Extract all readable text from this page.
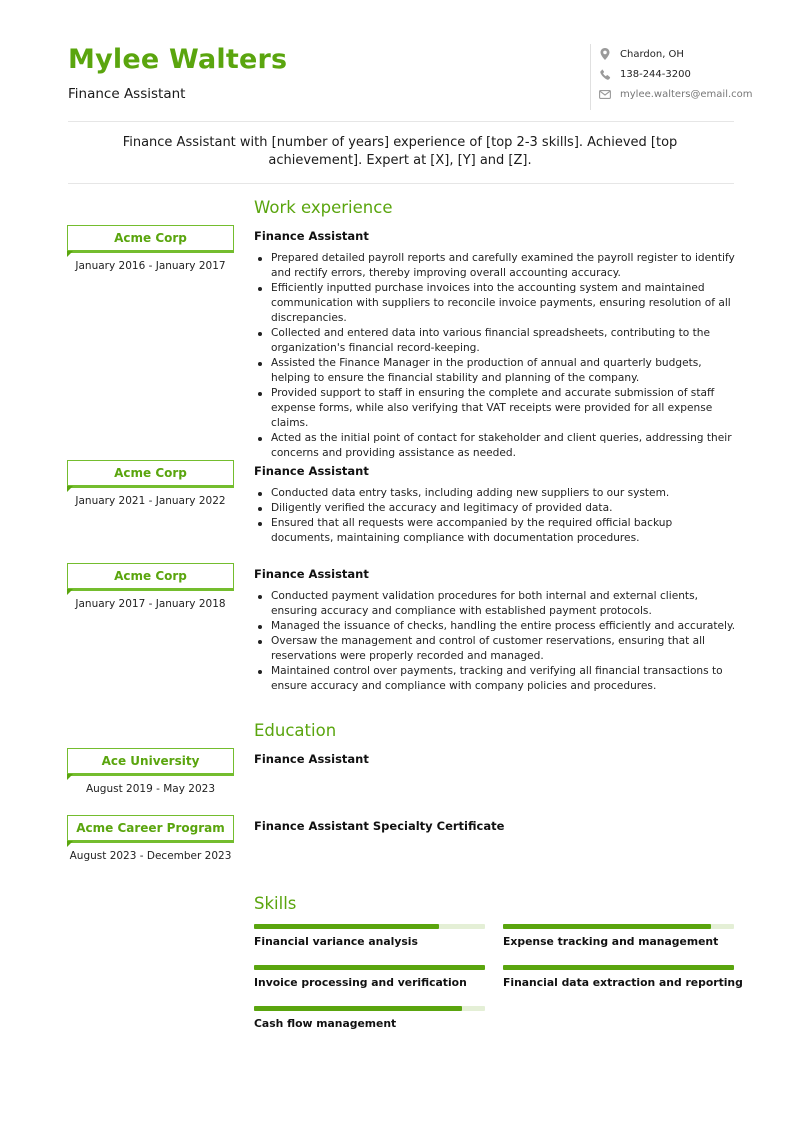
Mylee Walters
Finance Assistant
Chardon, OH
138-244-3200
mylee.walters@email.com
Finance Assistant with [number of years] experience of [top 2-3 skills]. Achieved [top achievement]. Expert at [X], [Y] and [Z].
Work experience
Acme Corp
January 2016 - January 2017
Finance Assistant
Prepared detailed payroll reports and carefully examined the payroll register to identify and rectify errors, thereby improving overall accounting accuracy.
Efficiently inputted purchase invoices into the accounting system and maintained communication with suppliers to reconcile invoice payments, ensuring resolution of all discrepancies.
Collected and entered data into various financial spreadsheets, contributing to the organization's financial record-keeping.
Assisted the Finance Manager in the production of annual and quarterly budgets, helping to ensure the financial stability and planning of the company.
Provided support to staff in ensuring the complete and accurate submission of staff expense forms, while also verifying that VAT receipts were provided for all expense claims.
Acted as the initial point of contact for stakeholder and client queries, addressing their concerns and providing assistance as needed.
Acme Corp
January 2021 - January 2022
Finance Assistant
Conducted data entry tasks, including adding new suppliers to our system.
Diligently verified the accuracy and legitimacy of provided data.
Ensured that all requests were accompanied by the required official backup documents, maintaining compliance with documentation procedures.
Acme Corp
January 2017 - January 2018
Finance Assistant
Conducted payment validation procedures for both internal and external clients, ensuring accuracy and compliance with established payment protocols.
Managed the issuance of checks, handling the entire process efficiently and accurately.
Oversaw the management and control of customer reservations, ensuring that all reservations were properly recorded and managed.
Maintained control over payments, tracking and verifying all financial transactions to ensure accuracy and compliance with company policies and procedures.
Education
Ace University
August 2019 - May 2023
Finance Assistant
Acme Career Program
August 2023 - December 2023
Finance Assistant Specialty Certificate
Skills
Financial variance analysis	Expense tracking and management
Invoice processing and verification	Financial data extraction and reporting
Cash flow management
